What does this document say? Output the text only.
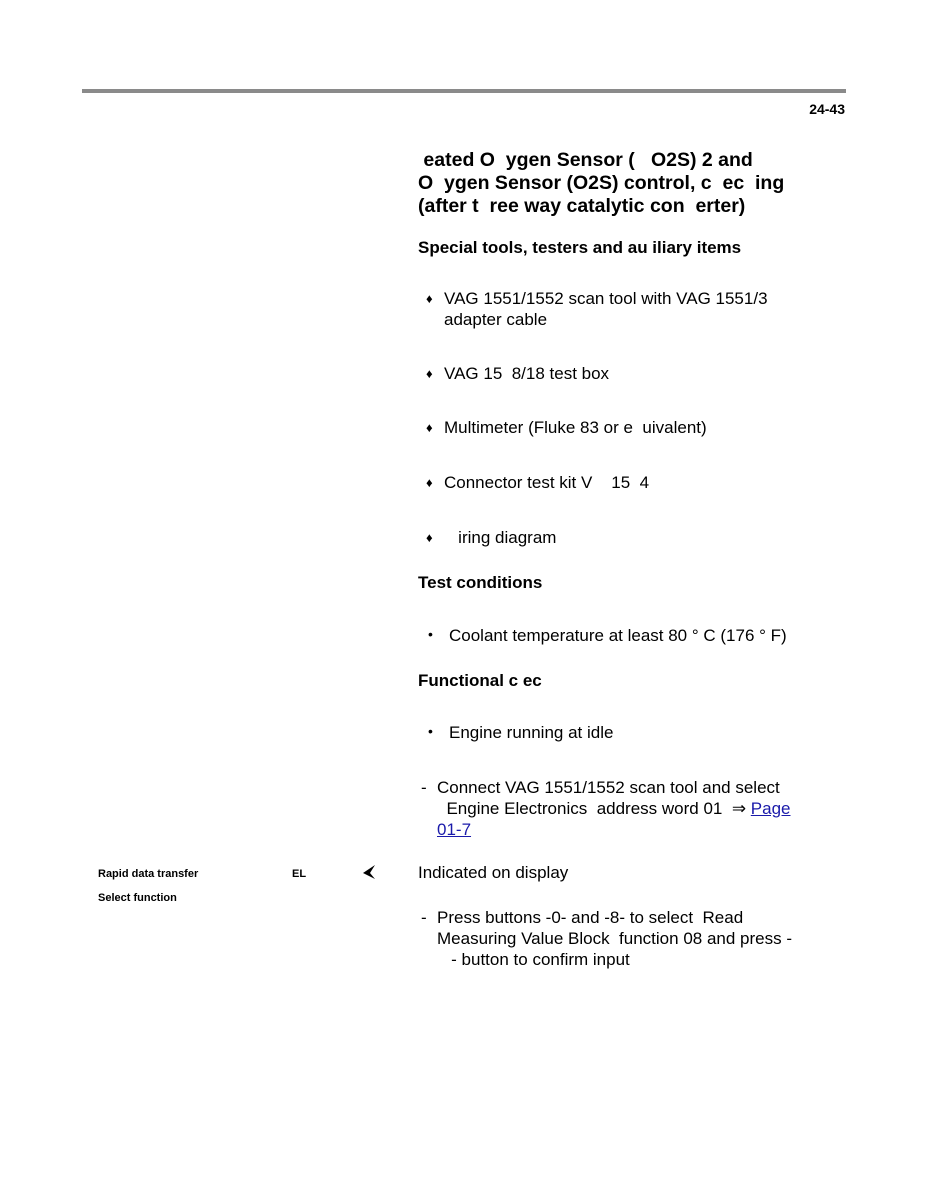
24-43
eated O  ygen Sensor (   O2S) 2 and
O  ygen Sensor (O2S) control, c  ec  ing
(after t  ree way catalytic con  erter)
Special tools, testers and au iliary items
♦ VAG 1551/1552 scan tool with VAG 1551/3
adapter cable
♦ VAG 15  8/18 test box
♦ Multimeter (Fluke 83 or e  uivalent)
♦ Connector test kit V    15  4
♦ iring diagram
Test conditions
• Coolant temperature at least 80 ° C (176 ° F)
Functional c ec
• Engine running at idle
- Connect VAG 1551/1552 scan tool and select
Engine Electronics  address word 01  ⇒ Page
01-7
Rapid data transfer	EL
Select function
Indicated on display
- Press buttons -0- and -8- to select  Read
Measuring Value Block  function 08 and press -
- button to confirm input
